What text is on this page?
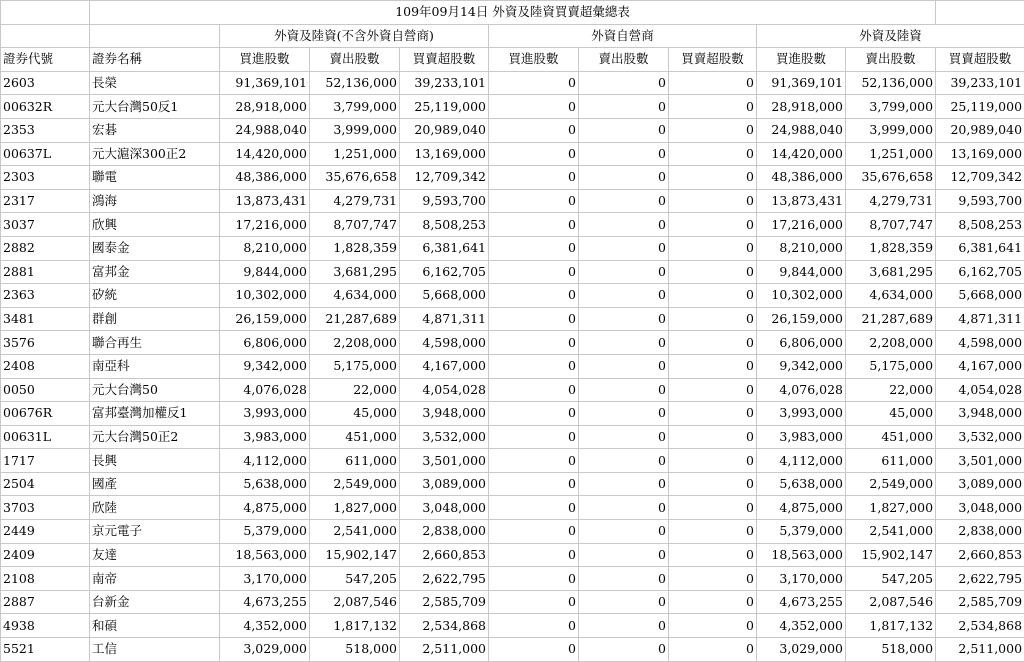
	109年09月14日 外資及陸資買賣超彙總表									
		外資及陸資(不含外資自營商)			外資自營商			外資及陸資		
證券代號	證券名稱	買進股數	賣出股數	買賣超股數	買進股數	賣出股數	買賣超股數	買進股數	賣出股數	買賣超股數
2603	長榮	91,369,101	52,136,000	39,233,101	0	0	0	91,369,101	52,136,000	39,233,101
00632R	元大台灣50反1	28,918,000	3,799,000	25,119,000	0	0	0	28,918,000	3,799,000	25,119,000
2353	宏碁	24,988,040	3,999,000	20,989,040	0	0	0	24,988,040	3,999,000	20,989,040
00637L	元大滬深300正2	14,420,000	1,251,000	13,169,000	0	0	0	14,420,000	1,251,000	13,169,000
2303	聯電	48,386,000	35,676,658	12,709,342	0	0	0	48,386,000	35,676,658	12,709,342
2317	鴻海	13,873,431	4,279,731	9,593,700	0	0	0	13,873,431	4,279,731	9,593,700
3037	欣興	17,216,000	8,707,747	8,508,253	0	0	0	17,216,000	8,707,747	8,508,253
2882	國泰金	8,210,000	1,828,359	6,381,641	0	0	0	8,210,000	1,828,359	6,381,641
2881	富邦金	9,844,000	3,681,295	6,162,705	0	0	0	9,844,000	3,681,295	6,162,705
2363	矽統	10,302,000	4,634,000	5,668,000	0	0	0	10,302,000	4,634,000	5,668,000
3481	群創	26,159,000	21,287,689	4,871,311	0	0	0	26,159,000	21,287,689	4,871,311
3576	聯合再生	6,806,000	2,208,000	4,598,000	0	0	0	6,806,000	2,208,000	4,598,000
2408	南亞科	9,342,000	5,175,000	4,167,000	0	0	0	9,342,000	5,175,000	4,167,000
0050	元大台灣50	4,076,028	22,000	4,054,028	0	0	0	4,076,028	22,000	4,054,028
00676R	富邦臺灣加權反1	3,993,000	45,000	3,948,000	0	0	0	3,993,000	45,000	3,948,000
00631L	元大台灣50正2	3,983,000	451,000	3,532,000	0	0	0	3,983,000	451,000	3,532,000
1717	長興	4,112,000	611,000	3,501,000	0	0	0	4,112,000	611,000	3,501,000
2504	國產	5,638,000	2,549,000	3,089,000	0	0	0	5,638,000	2,549,000	3,089,000
3703	欣陸	4,875,000	1,827,000	3,048,000	0	0	0	4,875,000	1,827,000	3,048,000
2449	京元電子	5,379,000	2,541,000	2,838,000	0	0	0	5,379,000	2,541,000	2,838,000
2409	友達	18,563,000	15,902,147	2,660,853	0	0	0	18,563,000	15,902,147	2,660,853
2108	南帝	3,170,000	547,205	2,622,795	0	0	0	3,170,000	547,205	2,622,795
2887	台新金	4,673,255	2,087,546	2,585,709	0	0	0	4,673,255	2,087,546	2,585,709
4938	和碩	4,352,000	1,817,132	2,534,868	0	0	0	4,352,000	1,817,132	2,534,868
5521	工信	3,029,000	518,000	2,511,000	0	0	0	3,029,000	518,000	2,511,000
